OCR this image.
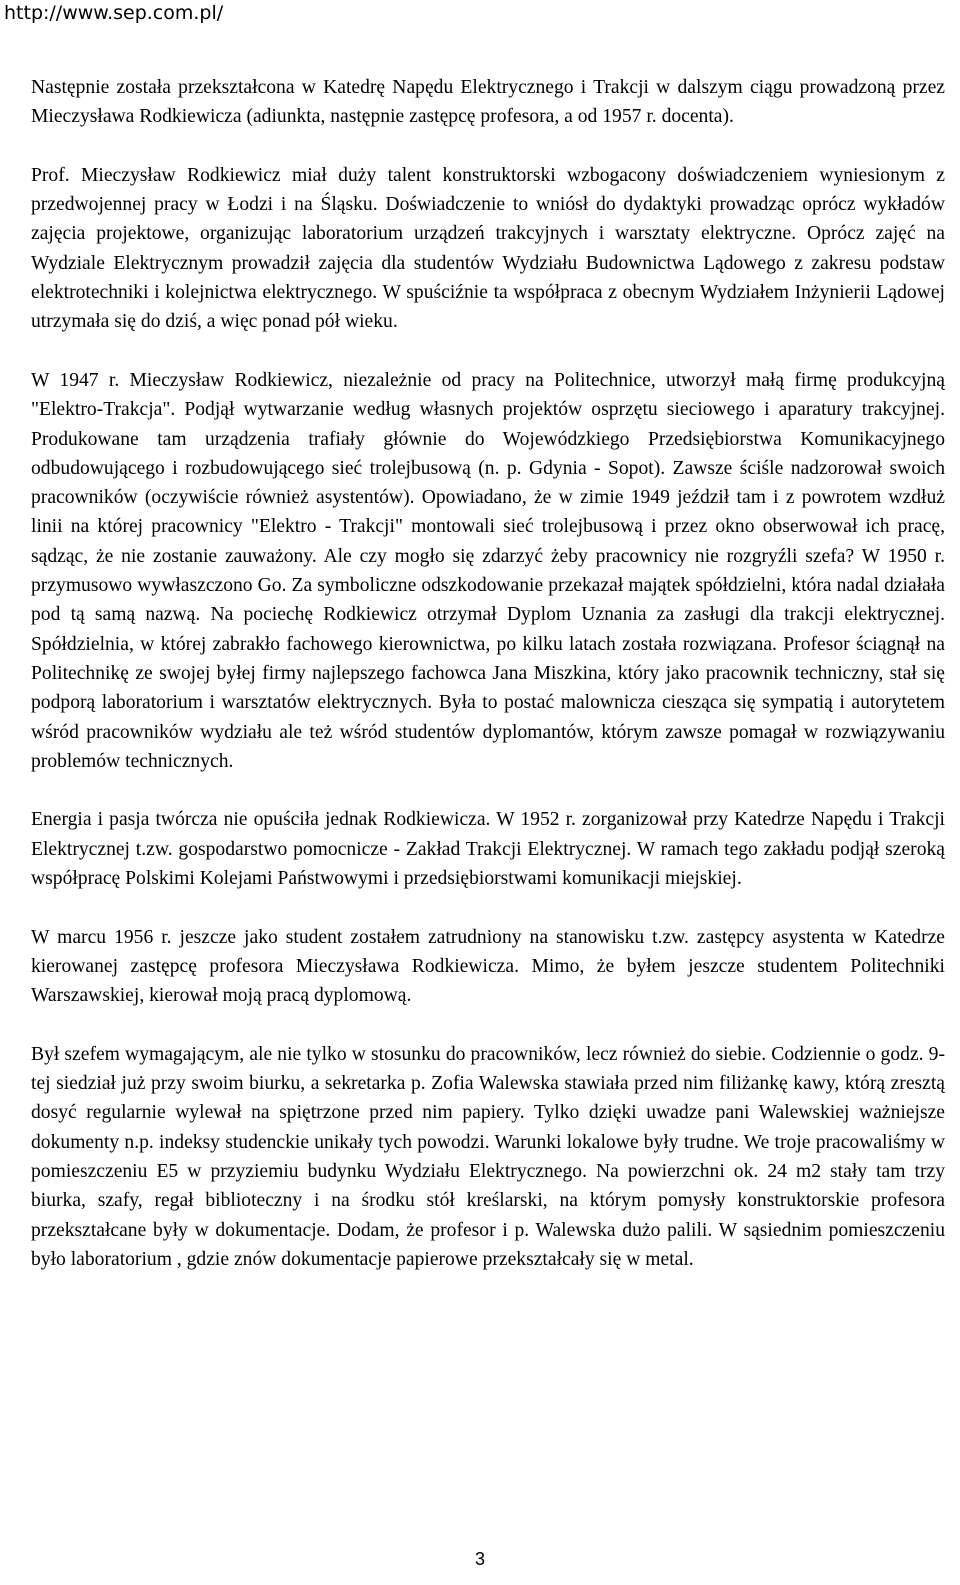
http://www.sep.com.pl/

Następnie została przekształcona w Katedrę Napędu Elektrycznego i Trakcji w dalszym ciągu prowadzoną przez Mieczysława Rodkiewicza (adiunkta, następnie zastępcę profesora, a od 1957 r. docenta).

Prof. Mieczysław Rodkiewicz miał duży talent konstruktorski wzbogacony doświadczeniem wyniesionym z przedwojennej pracy w Łodzi i na Śląsku. Doświadczenie to wniósł do dydaktyki prowadząc oprócz wykładów zajęcia projektowe, organizując laboratorium urządzeń trakcyjnych i warsztaty elektryczne. Oprócz zajęć na Wydziale Elektrycznym prowadził zajęcia dla studentów Wydziału Budownictwa Lądowego z zakresu podstaw elektrotechniki i kolejnictwa elektrycznego. W spuściźnie ta współpraca z obecnym Wydziałem Inżynierii Lądowej utrzymała się do dziś, a więc ponad pół wieku.

W 1947 r. Mieczysław Rodkiewicz, niezależnie od pracy na Politechnice, utworzył małą firmę produkcyjną "Elektro-Trakcja". Podjął wytwarzanie według własnych projektów osprzętu sieciowego i aparatury trakcyjnej. Produkowane tam urządzenia trafiały głównie do Wojewódzkiego Przedsiębiorstwa Komunikacyjnego odbudowującego i rozbudowującego sieć trolejbusową (n. p. Gdynia - Sopot). Zawsze ściśle nadzorował swoich pracowników (oczywiście również asystentów). Opowiadano, że w zimie 1949 jeździł tam i z powrotem wzdłuż linii na której pracownicy "Elektro - Trakcji" montowali sieć trolejbusową i przez okno obserwował ich pracę, sądząc, że nie zostanie zauważony. Ale czy mogło się zdarzyć żeby pracownicy nie rozgryźli szefa? W 1950 r. przymusowo wywłaszczono Go. Za symboliczne odszkodowanie przekazał majątek spółdzielni, która nadal działała pod tą samą nazwą. Na pociechę Rodkiewicz otrzymał Dyplom Uznania za zasługi dla trakcji elektrycznej. Spółdzielnia, w której zabrakło fachowego kierownictwa, po kilku latach została rozwiązana. Profesor ściągnął na Politechnikę ze swojej byłej firmy najlepszego fachowca Jana Miszkina, który jako pracownik techniczny, stał się podporą laboratorium i warsztatów elektrycznych. Była to postać malownicza ciesząca się sympatią i autorytetem wśród pracowników wydziału ale też wśród studentów dyplomantów, którym zawsze pomagał w rozwiązywaniu problemów technicznych.

Energia i pasja twórcza nie opuściła jednak Rodkiewicza. W 1952 r. zorganizował przy Katedrze Napędu i Trakcji Elektrycznej t.zw. gospodarstwo pomocnicze - Zakład Trakcji Elektrycznej. W ramach tego zakładu podjął szeroką współpracę Polskimi Kolejami Państwowymi i przedsiębiorstwami komunikacji miejskiej.

W marcu 1956 r. jeszcze jako student zostałem zatrudniony na stanowisku t.zw. zastępcy asystenta w Katedrze kierowanej zastępcę profesora Mieczysława Rodkiewicza. Mimo, że byłem jeszcze studentem Politechniki Warszawskiej, kierował moją pracą dyplomową.

Był szefem wymagającym, ale nie tylko w stosunku do pracowników, lecz również do siebie. Codziennie o godz. 9-tej siedział już przy swoim biurku, a sekretarka p. Zofia Walewska stawiała przed nim filiżankę kawy, którą zresztą dosyć regularnie wylewał na spiętrzone przed nim papiery. Tylko dzięki uwadze pani Walewskiej ważniejsze dokumenty n.p. indeksy studenckie unikały tych powodzi. Warunki lokalowe były trudne. We troje pracowaliśmy w pomieszczeniu E5 w przyziemiu budynku Wydziału Elektrycznego. Na powierzchni ok. 24 m2 stały tam trzy biurka, szafy, regał biblioteczny i na środku stół kreślarski, na którym pomysły konstruktorskie profesora przekształcane były w dokumentacje. Dodam, że profesor i p. Walewska dużo palili. W sąsiednim pomieszczeniu było laboratorium , gdzie znów dokumentacje papierowe przekształcały się w metal.

3
